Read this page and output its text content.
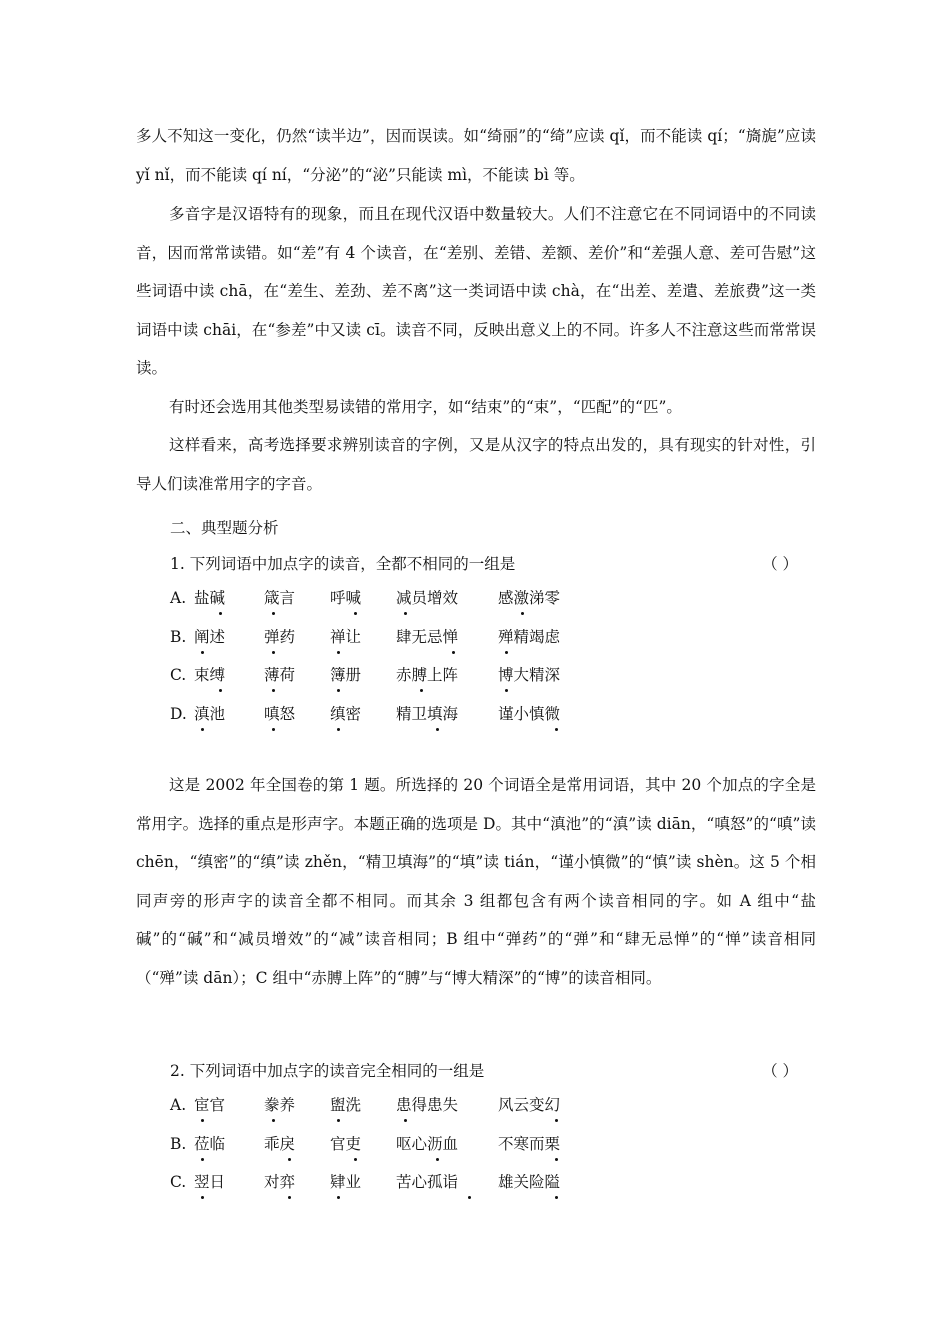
多人不知这一变化，仍然“读半边”，因而误读。如“绮丽”的“绮”应读 qǐ，而不能读 qí；“旖旎”应读 yǐ nǐ，而不能读 qí ní，“分泌”的“泌”只能读 mì，不能读 bì 等。

多音字是汉语特有的现象，而且在现代汉语中数量较大。人们不注意它在不同词语中的不同读音，因而常常读错。如“差”有 4 个读音，在“差别、差错、差额、差价”和“差强人意、差可告慰”这些词语中读 chā，在“差生、差劲、差不离”这一类词语中读 chà，在“出差、差遣、差旅费”这一类词语中读 chāi，在“参差”中又读 cī。读音不同，反映出意义上的不同。许多人不注意这些而常常误读。

有时还会选用其他类型易读错的常用字，如“结束”的“束”，“匹配”的“匹”。

这样看来，高考选择要求辨别读音的字例，又是从汉字的特点出发的，具有现实的针对性，引导人们读准常用字的字音。

二、典型题分析

1. 下列词语中加点字的读音，全都不相同的一组是	（ ）
A. 盐碱	箴言 呼喊 减员增效	感激涕零
B. 阐述	弹药 禅让 肆无忌惮	殚精竭虑
C. 束缚	薄荷 簿册 赤膊上阵	博大精深
D. 滇池	嗔怒 缜密 精卫填海	谨小慎微

这是 2002 年全国卷的第 1 题。所选择的 20 个词语全是常用词语，其中 20 个加点的字全是常用字。选择的重点是形声字。本题正确的选项是 D。其中“滇池”的“滇”读 diān，“嗔怒”的“嗔”读 chēn，“缜密”的“缜”读 zhěn，“精卫填海”的“填”读 tián，“谨小慎微”的“慎”读 shèn。这 5 个相同声旁的形声字的读音全都不相同。而其余 3 组都包含有两个读音相同的字。如 A 组中“盐碱”的“碱”和“减员增效”的“减”读音相同；B 组中“弹药”的“弹”和“肆无忌惮”的“惮”读音相同（“殚”读 dān）；C 组中“赤膊上阵”的“膊”与“博大精深”的“博”的读音相同。

2. 下列词语中加点字的读音完全相同的一组是	（ ）
A. 宦官	豢养 盥洗 患得患失	风云变幻
B. 莅临	乖戾 官吏 呕心沥血	不寒而栗
C. 翌日	对弈 肄业 苦心孤诣	雄关险隘
